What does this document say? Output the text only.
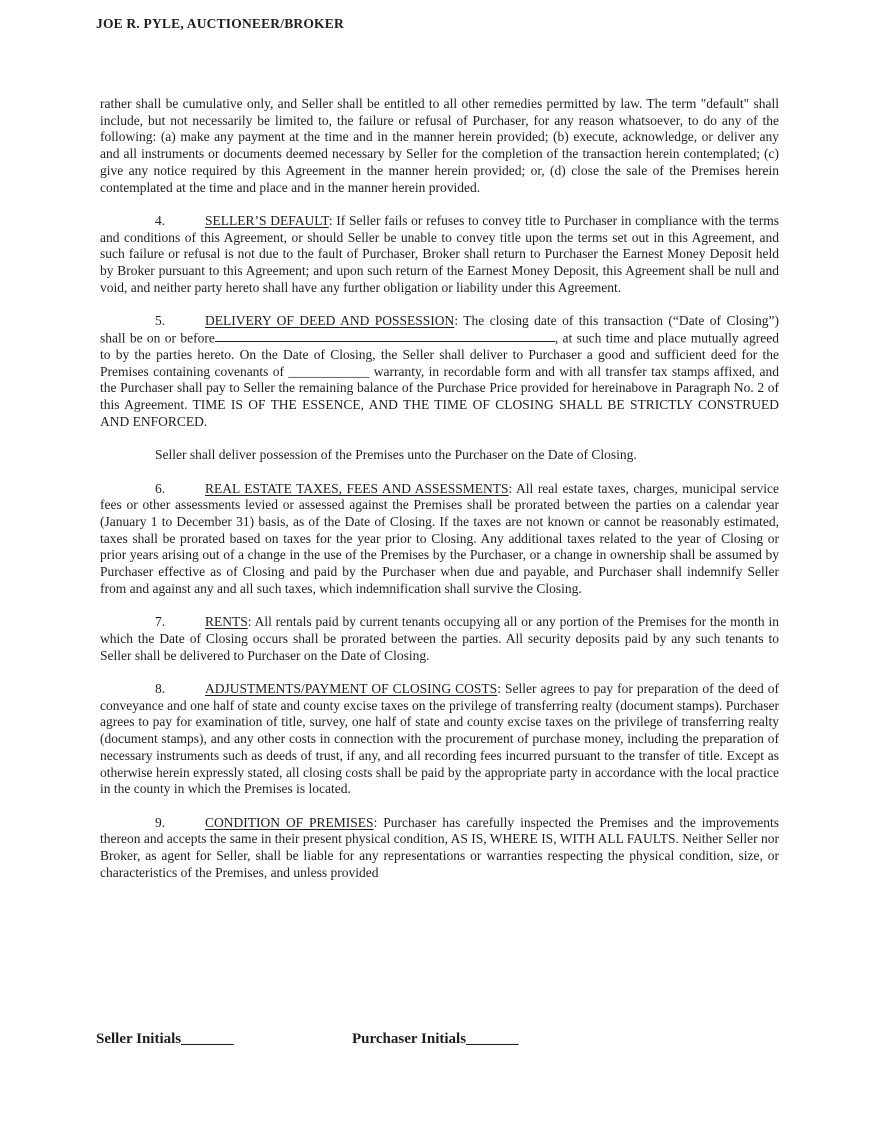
JOE R. PYLE, AUCTIONEER/BROKER

rather shall be cumulative only, and Seller shall be entitled to all other remedies permitted by law. The term "default" shall include, but not necessarily be limited to, the failure or refusal of Purchaser, for any reason whatsoever, to do any of the following: (a) make any payment at the time and in the manner herein provided; (b) execute, acknowledge, or deliver any and all instruments or documents deemed necessary by Seller for the completion of the transaction herein contemplated; (c) give any notice required by this Agreement in the manner herein provided; or, (d) close the sale of the Premises herein contemplated at the time and place and in the manner herein provided.

4.	SELLER’S DEFAULT: If Seller fails or refuses to convey title to Purchaser in compliance with the terms and conditions of this Agreement, or should Seller be unable to convey title upon the terms set out in this Agreement, and such failure or refusal is not due to the fault of Purchaser, Broker shall return to Purchaser the Earnest Money Deposit held by Broker pursuant to this Agreement; and upon such return of the Earnest Money Deposit, this Agreement shall be null and void, and neither party hereto shall have any further obligation or liability under this Agreement.

5.	DELIVERY OF DEED AND POSSESSION: The closing date of this transaction (“Date of Closing”) shall be on or before	, at such time and place mutually agreed to by the parties hereto. On the Date of Closing, the Seller shall deliver to Purchaser a good and sufficient deed for the Premises containing covenants of ____________ warranty, in recordable form and with all transfer tax stamps affixed, and the Purchaser shall pay to Seller the remaining balance of the Purchase Price provided for hereinabove in Paragraph No. 2 of this Agreement. TIME IS OF THE ESSENCE, AND THE TIME OF CLOSING SHALL BE STRICTLY CONSTRUED AND ENFORCED.

Seller shall deliver possession of the Premises unto the Purchaser on the Date of Closing.

6.	REAL ESTATE TAXES, FEES AND ASSESSMENTS: All real estate taxes, charges, municipal service fees or other assessments levied or assessed against the Premises shall be prorated between the parties on a calendar year (January 1 to December 31) basis, as of the Date of Closing. If the taxes are not known or cannot be reasonably estimated, taxes shall be prorated based on taxes for the year prior to Closing. Any additional taxes related to the year of Closing or prior years arising out of a change in the use of the Premises by the Purchaser, or a change in ownership shall be assumed by Purchaser effective as of Closing and paid by the Purchaser when due and payable, and Purchaser shall indemnify Seller from and against any and all such taxes, which indemnification shall survive the Closing.

7.	RENTS: All rentals paid by current tenants occupying all or any portion of the Premises for the month in which the Date of Closing occurs shall be prorated between the parties. All security deposits paid by any such tenants to Seller shall be delivered to Purchaser on the Date of Closing.

8.	ADJUSTMENTS/PAYMENT OF CLOSING COSTS: Seller agrees to pay for preparation of the deed of conveyance and one half of state and county excise taxes on the privilege of transferring realty (document stamps). Purchaser agrees to pay for examination of title, survey, one half of state and county excise taxes on the privilege of transferring realty (document stamps), and any other costs in connection with the procurement of purchase money, including the preparation of necessary instruments such as deeds of trust, if any, and all recording fees incurred pursuant to the transfer of title. Except as otherwise herein expressly stated, all closing costs shall be paid by the appropriate party in accordance with the local practice in the county in which the Premises is located.

9.	CONDITION OF PREMISES: Purchaser has carefully inspected the Premises and the improvements thereon and accepts the same in their present physical condition, AS IS, WHERE IS, WITH ALL FAULTS. Neither Seller nor Broker, as agent for Seller, shall be liable for any representations or warranties respecting the physical condition, size, or characteristics of the Premises, and unless provided

Seller Initials_______	Purchaser Initials_______
